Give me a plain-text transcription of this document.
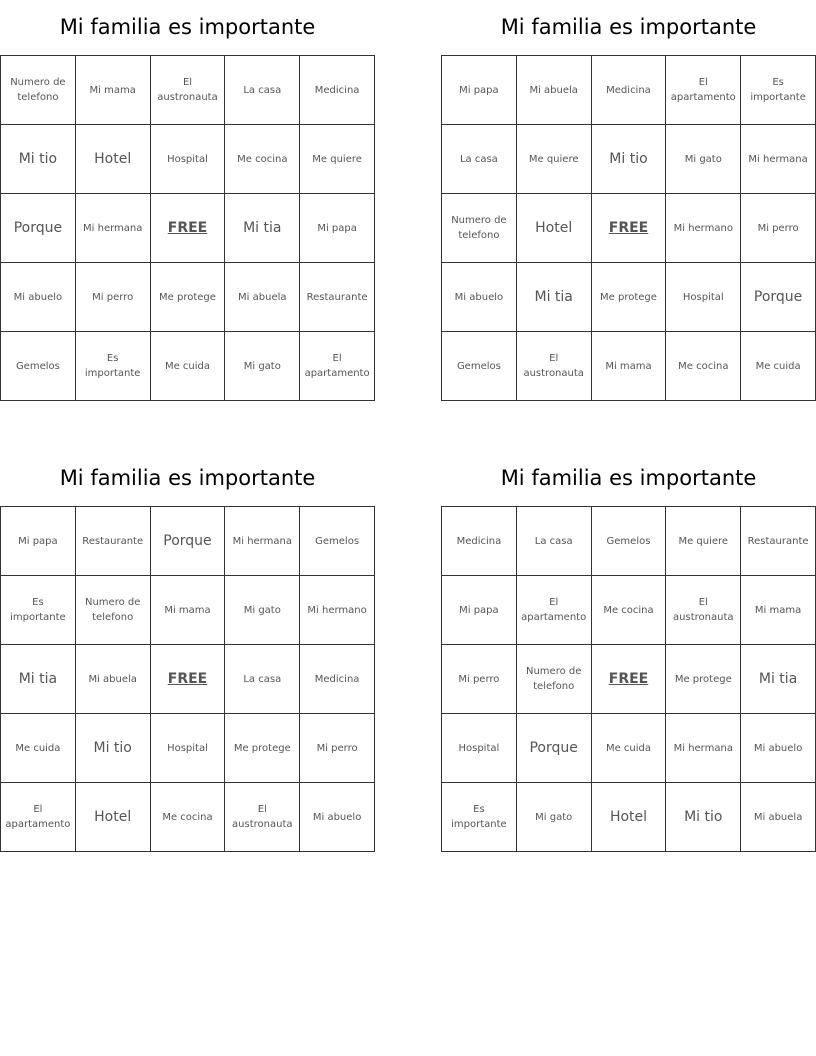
Mi familia es importante
Numero de telefono	Mi mama	El austronauta	La casa	Medicina
Mi tio	Hotel	Hospital	Me cocina	Me quiere
Porque	Mi hermana	FREE	Mi tia	Mi papa
Mi abuelo	Mi perro	Me protege	Mi abuela	Restaurante
Gemelos	Es importante	Me cuida	Mi gato	El apartamento
Mi familia es importante
Mi papa	Mi abuela	Medicina	El apartamento	Es importante
La casa	Me quiere	Mi tio	Mi gato	Mi hermana
Numero de telefono	Hotel	FREE	Mi hermano	Mi perro
Mi abuelo	Mi tia	Me protege	Hospital	Porque
Gemelos	El austronauta	Mi mama	Me cocina	Me cuida
Mi familia es importante
Mi papa	Restaurante	Porque	Mi hermana	Gemelos
Es importante	Numero de telefono	Mi mama	Mi gato	Mi hermano
Mi tia	Mi abuela	FREE	La casa	Medicina
Me cuida	Mi tio	Hospital	Me protege	Mi perro
El apartamento	Hotel	Me cocina	El austronauta	Mi abuelo
Mi familia es importante
Medicina	La casa	Gemelos	Me quiere	Restaurante
Mi papa	El apartamento	Me cocina	El austronauta	Mi mama
Mi perro	Numero de telefono	FREE	Me protege	Mi tia
Hospital	Porque	Me cuida	Mi hermana	Mi abuelo
Es importante	Mi gato	Hotel	Mi tio	Mi abuela
